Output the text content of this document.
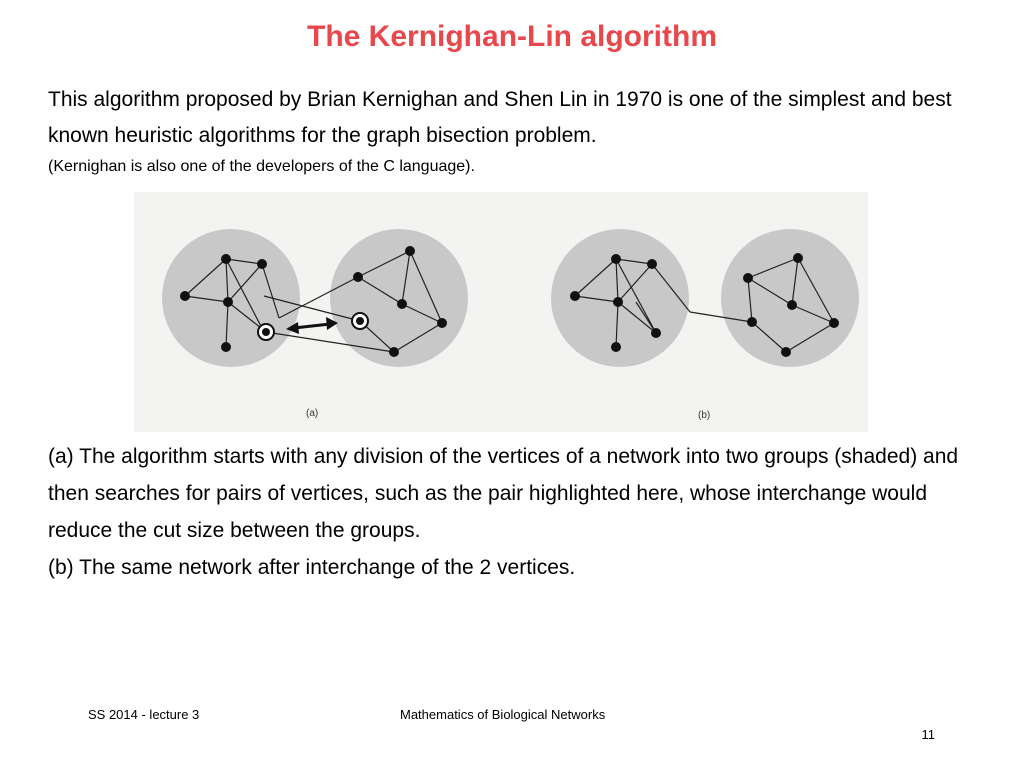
The Kernighan-Lin algorithm
This algorithm proposed by Brian Kernighan and Shen Lin in 1970 is one of the simplest and best known heuristic algorithms for the graph bisection problem.
(Kernighan is also one of the developers of the C language).
(a)	(b)

(a) The algorithm starts with any division of the vertices of a network into two groups (shaded) and then searches for pairs of vertices, such as the pair highlighted here, whose interchange would reduce the cut size between the groups.

(b) The same network after interchange of the 2 vertices.

SS 2014 - lecture 3	Mathematics of Biological Networks
11
